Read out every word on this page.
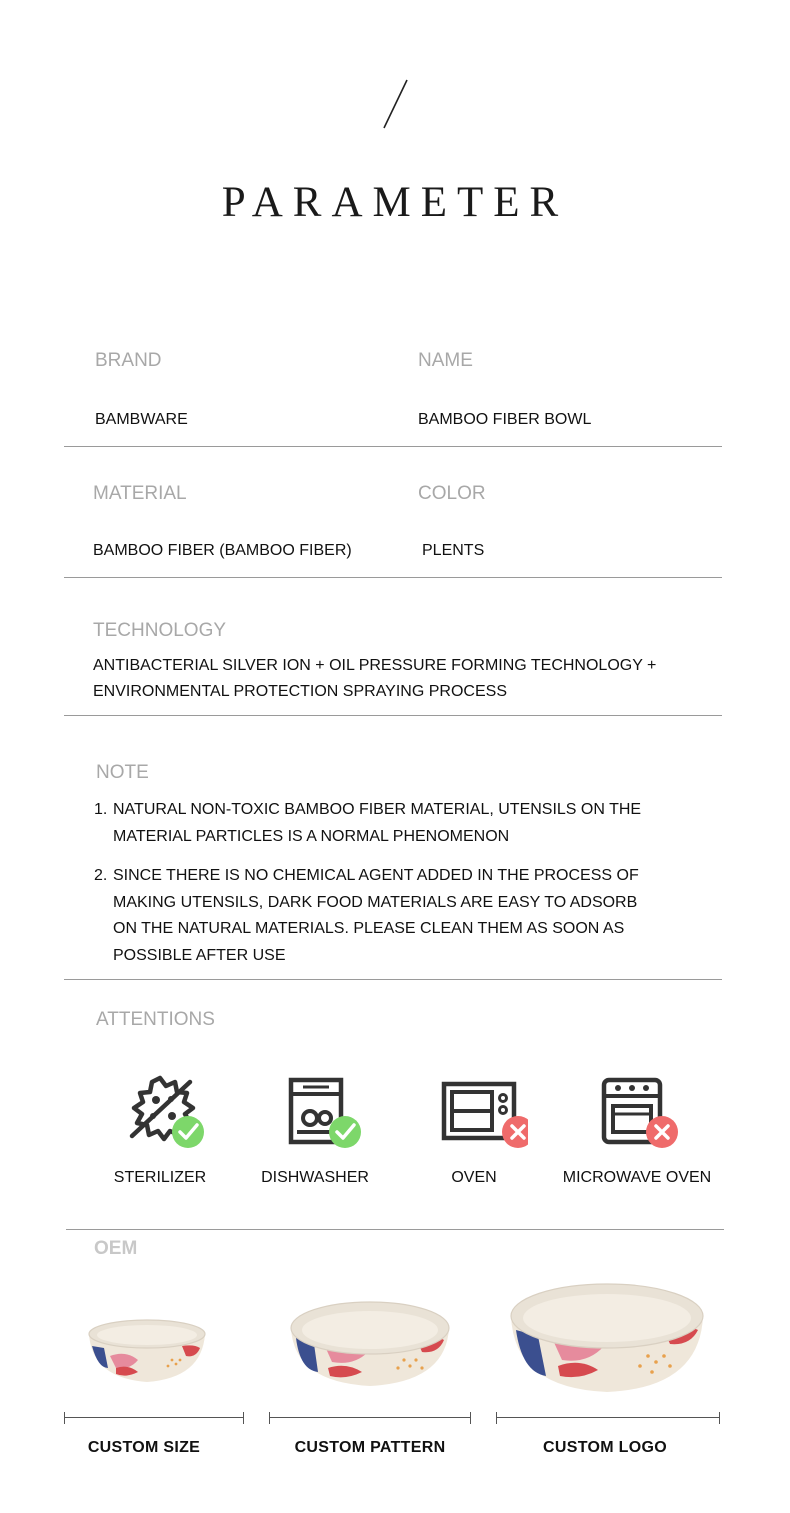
PARAMETER
BRAND	NAME
BAMBWARE	BAMBOO FIBER BOWL
MATERIAL	COLOR
BAMBOO FIBER (BAMBOO FIBER)	PLENTS
TECHNOLOGY
ANTIBACTERIAL SILVER ION + OIL PRESSURE FORMING TECHNOLOGY +
ENVIRONMENTAL PROTECTION SPRAYING PROCESS
NOTE
1. NATURAL NON-TOXIC BAMBOO FIBER MATERIAL, UTENSILS ON THE
MATERIAL PARTICLES IS A NORMAL PHENOMENON
2. SINCE THERE IS NO CHEMICAL AGENT ADDED IN THE PROCESS OF
MAKING UTENSILS, DARK FOOD MATERIALS ARE EASY TO ADSORB
ON THE NATURAL MATERIALS. PLEASE CLEAN THEM AS SOON AS
POSSIBLE AFTER USE
ATTENTIONS
STERILIZER	DISHWASHER	OVEN	MICROWAVE OVEN
OEM
CUSTOM SIZE	CUSTOM PATTERN	CUSTOM LOGO
